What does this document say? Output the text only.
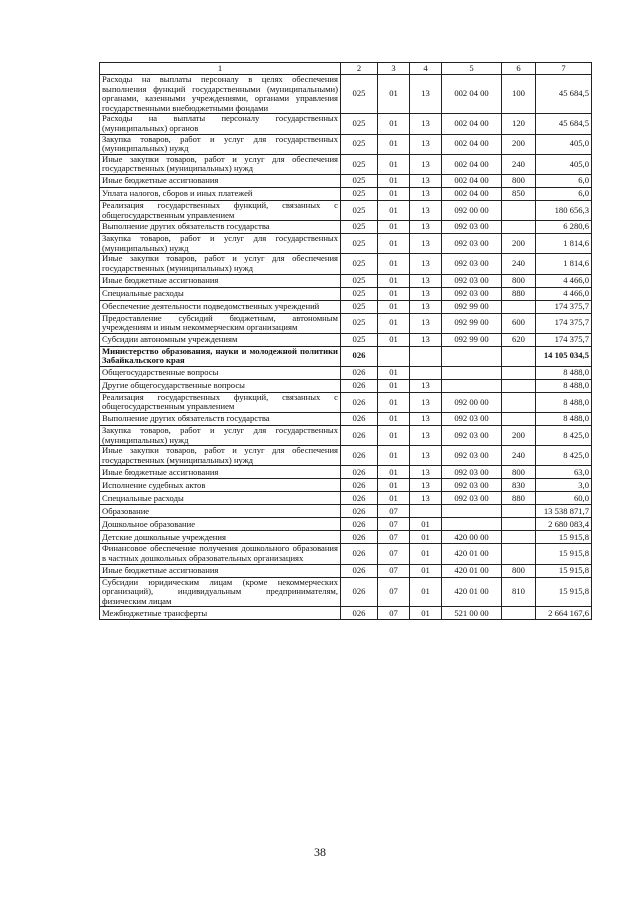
1	2	3	4	5	6	7
Расходы на выплаты персоналу в целях обеспечения выполнения функций государственными (муниципальными) органами, казенными учреждениями, органами управления государственными внебюджетными фондами	025	01	13	002 04 00	100	45 684,5
Расходы на выплаты персоналу государственных (муниципальных) органов	025	01	13	002 04 00	120	45 684,5
Закупка товаров, работ и услуг для государственных (муниципальных) нужд	025	01	13	002 04 00	200	405,0
Иные закупки товаров, работ и услуг для обеспечения государственных (муниципальных) нужд	025	01	13	002 04 00	240	405,0
Иные бюджетные ассигнования	025	01	13	002 04 00	800	6,0
Уплата налогов, сборов и иных платежей	025	01	13	002 04 00	850	6,0
Реализация государственных функций, связанных с общегосударственным управлением	025	01	13	092 00 00		180 656,3
Выполнение других обязательств государства	025	01	13	092 03 00		6 280,6
Закупка товаров, работ и услуг для государственных (муниципальных) нужд	025	01	13	092 03 00	200	1 814,6
Иные закупки товаров, работ и услуг для обеспечения государственных (муниципальных) нужд	025	01	13	092 03 00	240	1 814,6
Иные бюджетные ассигнования	025	01	13	092 03 00	800	4 466,0
Специальные расходы	025	01	13	092 03 00	880	4 466,0
Обеспечение деятельности подведомственных учреждений	025	01	13	092 99 00		174 375,7
Предоставление субсидий бюджетным, автономным учреждениям и иным некоммерческим организациям	025	01	13	092 99 00	600	174 375,7
Субсидии автономным учреждениям	025	01	13	092 99 00	620	174 375,7
Министерство образования, науки и молодежной политики Забайкальского края	026					14 105 034,5
Общегосударственные вопросы	026	01				8 488,0
Другие общегосударственные вопросы	026	01	13			8 488,0
Реализация государственных функций, связанных с общегосударственным управлением	026	01	13	092 00 00		8 488,0
Выполнение других обязательств государства	026	01	13	092 03 00		8 488,0
Закупка товаров, работ и услуг для государственных (муниципальных) нужд	026	01	13	092 03 00	200	8 425,0
Иные закупки товаров, работ и услуг для обеспечения государственных (муниципальных) нужд	026	01	13	092 03 00	240	8 425,0
Иные бюджетные ассигнования	026	01	13	092 03 00	800	63,0
Исполнение судебных актов	026	01	13	092 03 00	830	3,0
Специальные расходы	026	01	13	092 03 00	880	60,0
Образование	026	07				13 538 871,7
Дошкольное образование	026	07	01			2 680 083,4
Детские дошкольные учреждения	026	07	01	420 00 00		15 915,8
Финансовое обеспечение получения дошкольного образования в частных дошкольных образовательных организациях	026	07	01	420 01 00		15 915,8
Иные бюджетные ассигнования	026	07	01	420 01 00	800	15 915,8
Субсидии юридическим лицам (кроме некоммерческих организаций), индивидуальным предпринимателям, физическим лицам	026	07	01	420 01 00	810	15 915,8
Межбюджетные трансферты	026	07	01	521 00 00		2 664 167,6
38
